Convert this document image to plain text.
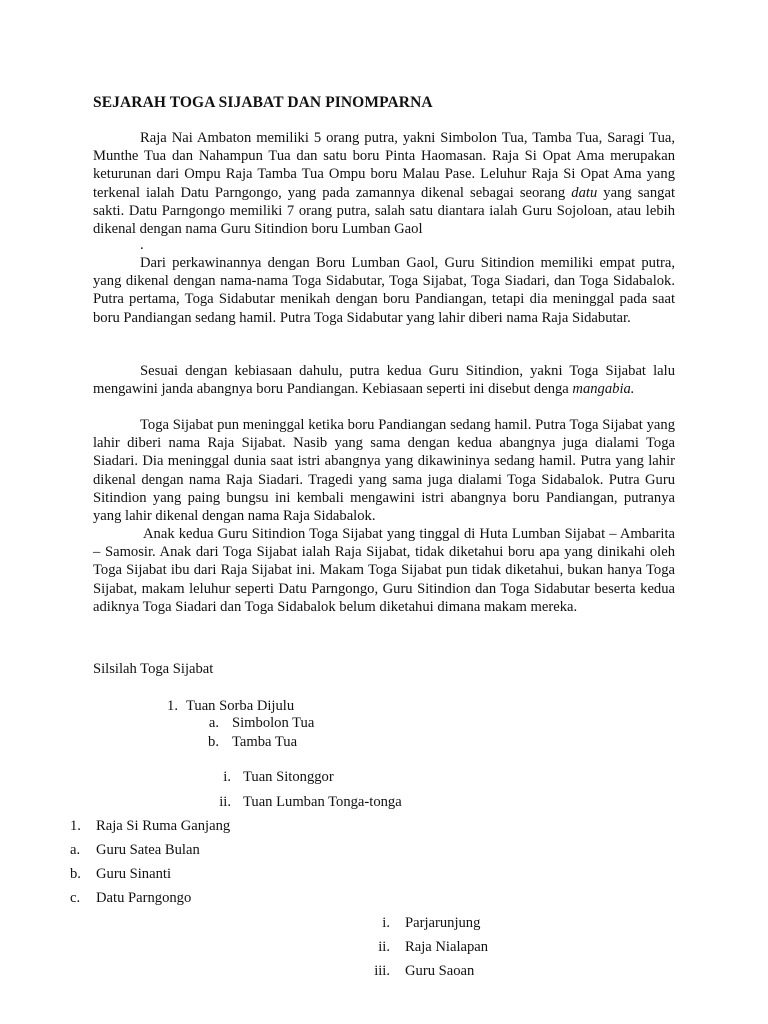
SEJARAH TOGA SIJABAT DAN PINOMPARNA

Raja Nai Ambaton memiliki 5 orang putra, yakni Simbolon Tua, Tamba Tua, Saragi Tua, Munthe Tua dan Nahampun Tua dan satu boru Pinta Haomasan. Raja Si Opat Ama merupakan keturunan dari Ompu Raja Tamba Tua Ompu boru Malau Pase. Leluhur Raja Si Opat Ama yang terkenal ialah Datu Parngongo, yang pada zamannya dikenal sebagai seorang datu yang sangat sakti. Datu Parngongo memiliki 7 orang putra, salah satu diantara ialah Guru Sojoloan, atau lebih dikenal dengan nama Guru Sitindion boru Lumban Gaol

.

Dari perkawinannya dengan Boru Lumban Gaol, Guru Sitindion memiliki empat putra, yang dikenal dengan nama-nama Toga Sidabutar, Toga Sijabat, Toga Siadari, dan Toga Sidabalok. Putra pertama, Toga Sidabutar menikah dengan boru Pandiangan, tetapi dia meninggal pada saat boru Pandiangan sedang hamil. Putra Toga Sidabutar yang lahir diberi nama Raja Sidabutar.

Sesuai dengan kebiasaan dahulu, putra kedua Guru Sitindion, yakni Toga Sijabat lalu mengawini janda abangnya boru Pandiangan. Kebiasaan seperti ini disebut denga mangabia.

Toga Sijabat pun meninggal ketika boru Pandiangan sedang hamil. Putra Toga Sijabat yang lahir diberi nama Raja Sijabat. Nasib yang sama dengan kedua abangnya juga dialami Toga Siadari. Dia meninggal dunia saat istri abangnya yang dikawininya sedang hamil. Putra yang lahir dikenal dengan nama Raja Siadari. Tragedi yang sama juga dialami Toga Sidabalok. Putra Guru Sitindion yang paing bungsu ini kembali mengawini istri abangnya boru Pandiangan, putranya yang lahir dikenal dengan nama Raja Sidabalok.

Anak kedua Guru Sitindion Toga Sijabat yang tinggal di Huta Lumban Sijabat – Ambarita – Samosir. Anak dari Toga Sijabat ialah Raja Sijabat, tidak diketahui boru apa yang dinikahi oleh Toga Sijabat ibu dari Raja Sijabat ini. Makam Toga Sijabat pun tidak diketahui, bukan hanya Toga Sijabat, makam leluhur seperti Datu Parngongo, Guru Sitindion dan Toga Sidabutar beserta kedua adiknya Toga Siadari dan Toga Sidabalok belum diketahui dimana makam mereka.

Silsilah Toga Sijabat
1. Tuan Sorba Dijulu
a. Simbolon Tua
b. Tamba Tua
i. Tuan Sitonggor
ii. Tuan Lumban Tonga-tonga
1. Raja Si Ruma Ganjang
a. Guru Satea Bulan
b. Guru Sinanti
c. Datu Parngongo
i. Parjarunjung
ii. Raja Nialapan
iii. Guru Saoan
